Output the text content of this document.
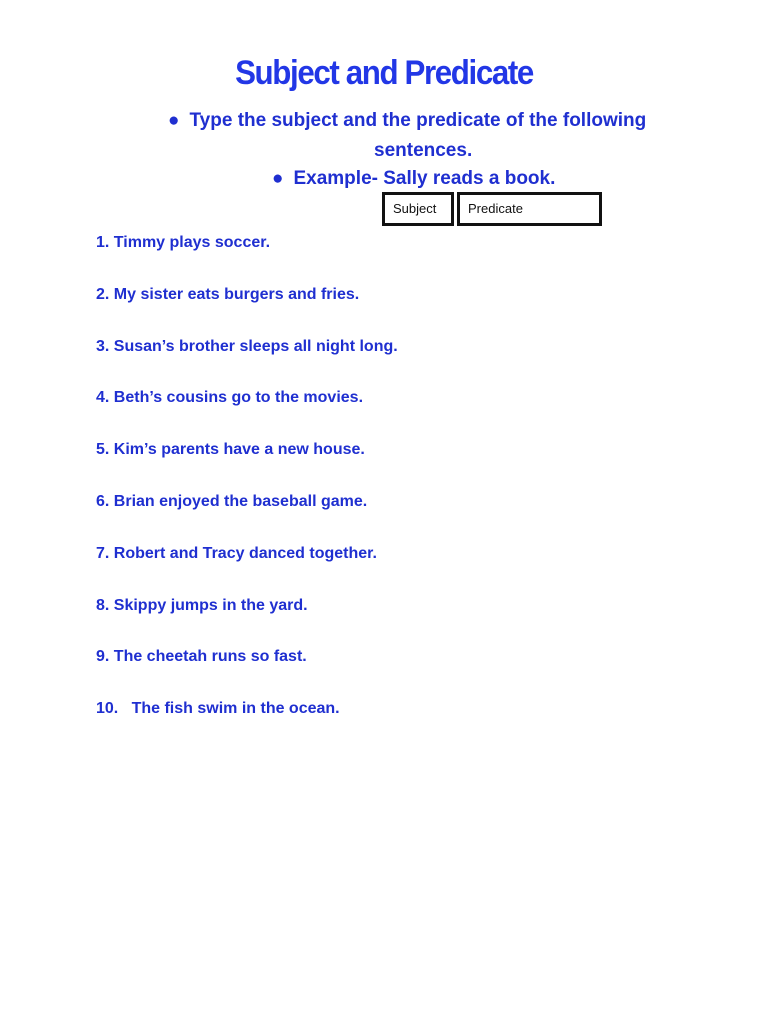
Subject and Predicate
● Type the subject and the predicate of the following
sentences.
● Example- Sally reads a book.
Subject	Predicate
1. Timmy plays soccer.
2. My sister eats burgers and fries.
3. Susan’s brother sleeps all night long.
4. Beth’s cousins go to the movies.
5. Kim’s parents have a new house.
6. Brian enjoyed the baseball game.
7. Robert and Tracy danced together.
8. Skippy jumps in the yard.
9. The cheetah runs so fast.
10.   The fish swim in the ocean.
